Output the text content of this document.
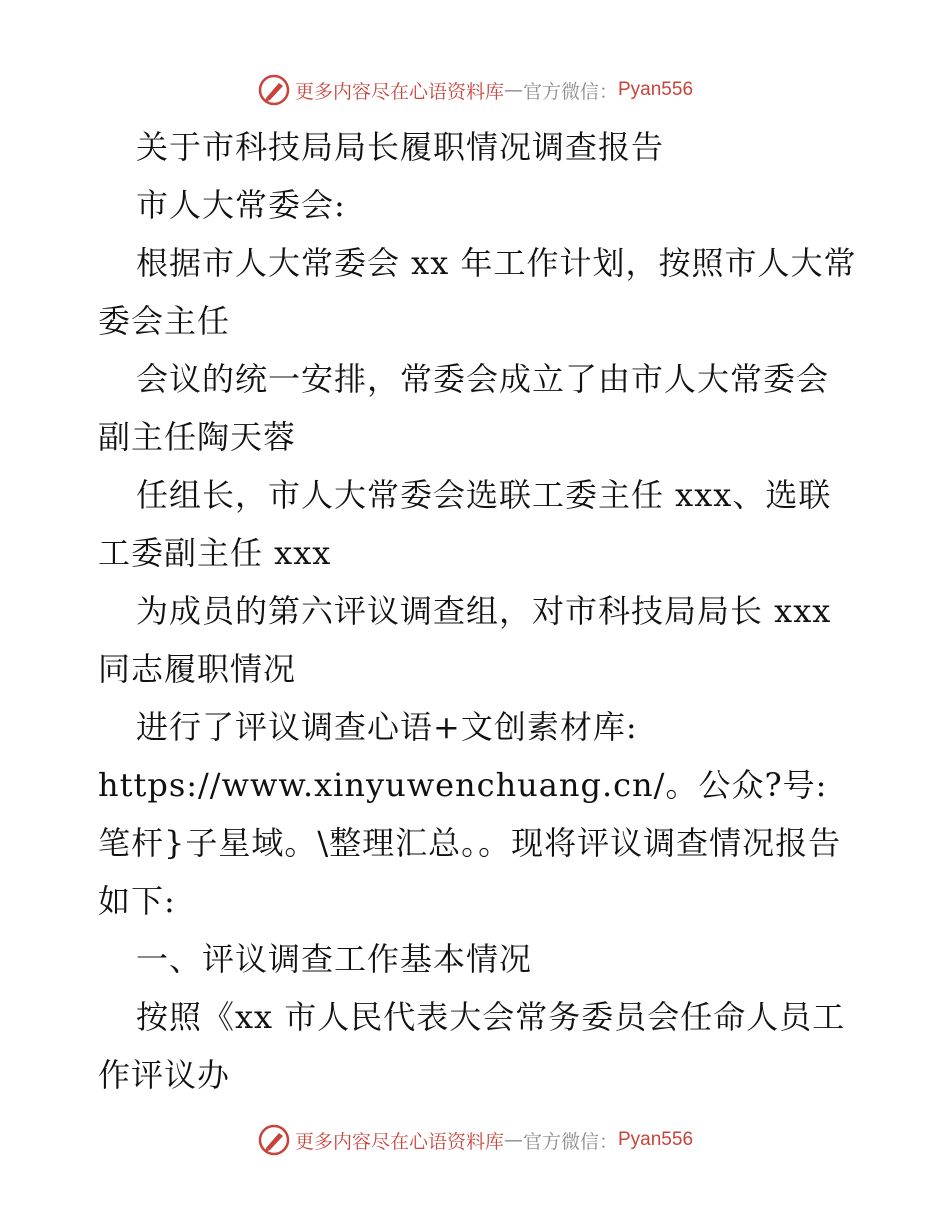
更多内容尽在心语资料库 — 官方微信： Pyan556

关于市科技局局长履职情况调查报告

市人大常委会:

根据市人大常委会 xx 年工作计划，按照市人大常委会主任

会议的统一安排，常委会成立了由市人大常委会副主任陶天蓉

任组长，市人大常委会选联工委主任 xxx、选联工委副主任 xxx

为成员的第六评议调查组，对市科技局局长 xxx 同志履职情况

进行了评议调查心语+文创素材库: https://www.xinyuwenchuang.cn/。公众?号: 笔杆}子星域。\整理汇总。。现将评议调查情况报告如下:

一、评议调查工作基本情况

按照《xx 市人民代表大会常务委员会任命人员工作评议办

更多内容尽在心语资料库 — 官方微信： Pyan556
